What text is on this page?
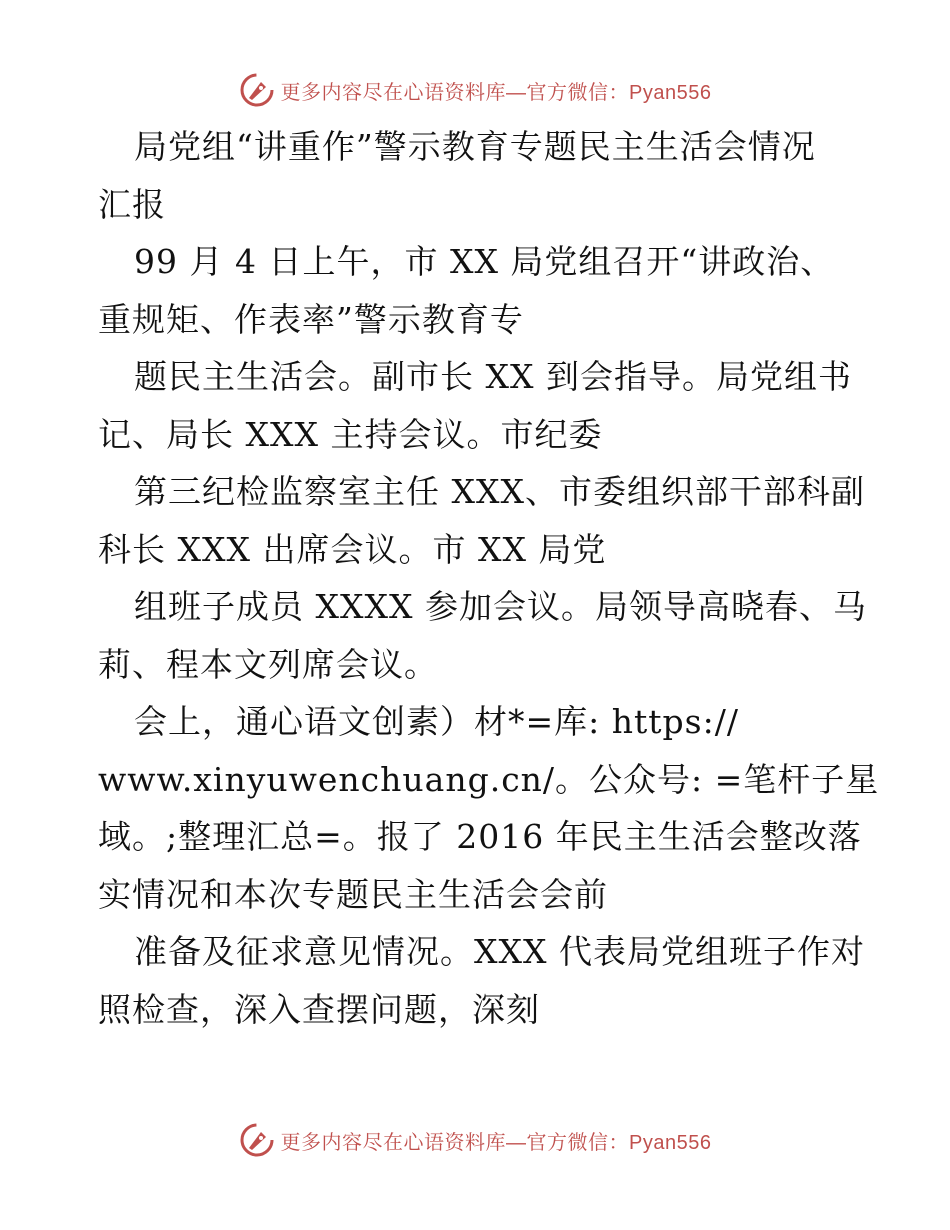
更多内容尽在心语资料库—官方微信：Pyan556
局党组“讲重作”警示教育专题民主生活会情况
汇报
99 月 4 日上午，市 XX 局党组召开“讲政治、
重规矩、作表率”警示教育专
题民主生活会。副市长 XX 到会指导。局党组书
记、局长 XXX 主持会议。市纪委
第三纪检监察室主任 XXX、市委组织部干部科副
科长 XXX 出席会议。市 XX 局党
组班子成员 XXXX 参加会议。局领导高晓春、马
莉、程本文列席会议。
会上，通心语文创素）材*=库: https://
www.xinyuwenchuang.cn/。公众号: =笔杆子星
域。;整理汇总=。报了 2016 年民主生活会整改落
实情况和本次专题民主生活会会前
准备及征求意见情况。XXX 代表局党组班子作对
照检查，深入查摆问题，深刻
更多内容尽在心语资料库—官方微信：Pyan556
